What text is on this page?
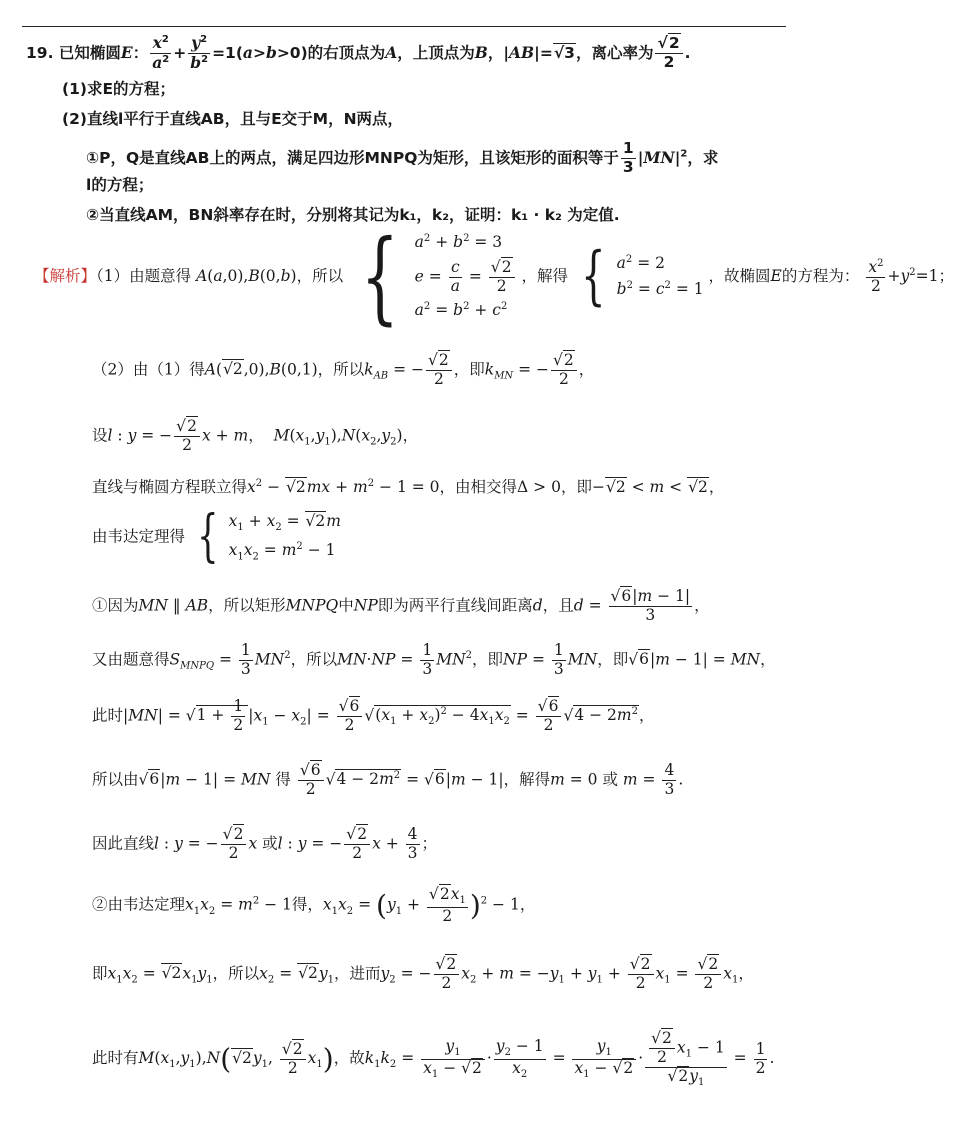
19. 已知椭圆E： $\frac{x^2}{a^2} + \frac{y^2}{b^2} =1(a>b>0)$的右顶点为A，上顶点为B，|AB|=√3，离心率为 $\frac{√2}{2}$ .
(1)求E的方程；
(2)直线l平行于直线AB，且与E交于M，N两点，
①P，Q是直线AB上的两点，满足四边形MNPQ为矩形，且该矩形的面积等于 $\frac{1}{3} |MN|^2$，求
l的方程；
②当直线AM，BN斜率存在时，分别将其记为k₁，k₂，证明：k₁ · k₂ 为定值.
【解析】（1）由题意得 A(a,0),B(0,b)，所以 { $a^2 + b^2 = 3$
$e = \frac{c}{a} = \frac{√2}{2}$
$a^2 = b^2 + c^2$
，解得 { $a^2 = 2$
$b^2 = c^2 = 1$
，故椭圆E的方程为： $\frac{x^2}{2} +y^2=1$；
（2）由（1）得A(√2,0),B(0,1)，所以$k_{AB}$ = − $\frac{√2}{2}$ ，即$k_{MN}$ = − $\frac{√2}{2}$ ，
设l : y = − $\frac{√2}{2}$ x + m，  $M(x_1,y_1),N(x_2,y_2)$，
直线与椭圆方程联立得$x^2 - √2mx + m^2 - 1 = 0$，由相交得Δ > 0，即−√2 < m < √2，
由韦达定理得 { $x_1 + x_2 = √2m$
$x_1x_2 = m^2 - 1$
①因为MN ‖ AB，所以矩形MNPQ中NP即为两平行直线间距离d，且$d = \frac{√6|m - 1|}{3}$ ，
又由题意得$S_{MNPQ} = \frac{1}{3} MN^2$，所以$MN\cdot NP = \frac{1}{3} MN^2$，即NP = $\frac{1}{3}$ MN，即√6|m − 1| = MN，
此时$|MN| = √1 + \frac{1}{2} |x_1 - x_2| = \frac{√6}{2} √(x_1 + x_2)^2 - 4x_1x_2 = \frac{√6}{2} √4 - 2m^2$，
所以由√6|m − 1| = MN 得 $\frac{√6}{2} √4 - 2m^2 = √6|m - 1|$，解得m = 0 或 $m = \frac{4}{3}$ .
因此直线l : y = − $\frac{√2}{2}$ x 或l : y = − $\frac{√2}{2}$ $x + \frac{4}{3}$ ；
②由韦达定理$x_1x_2 = m^2 - 1$得，$x_1x_2 = (y_1 + \frac{√2x_1}{2} )^2 - 1$，
即$x_1x_2 = √2x_1y_1$，所以$x_2 = √2y_1$，进而$y_2$ = − $\frac{√2}{2} x_2 + m = -y_1 + y_1 + \frac{√2}{2} x_1 = \frac{√2}{2} x_1$，
此时有$M(x_1,y_1),N(√2y_1$, $\frac{√2}{2} x_1$)，故$k_1k_2 = \frac{y_1}{x_1 - √2} \cdot \frac{y_2 - 1}{x_2} = \frac{y_1}{x_1 - √2} \cdot \frac{\frac{√2}{2} x_1 - 1}{√2y_1} = \frac{1}{2}$ .
